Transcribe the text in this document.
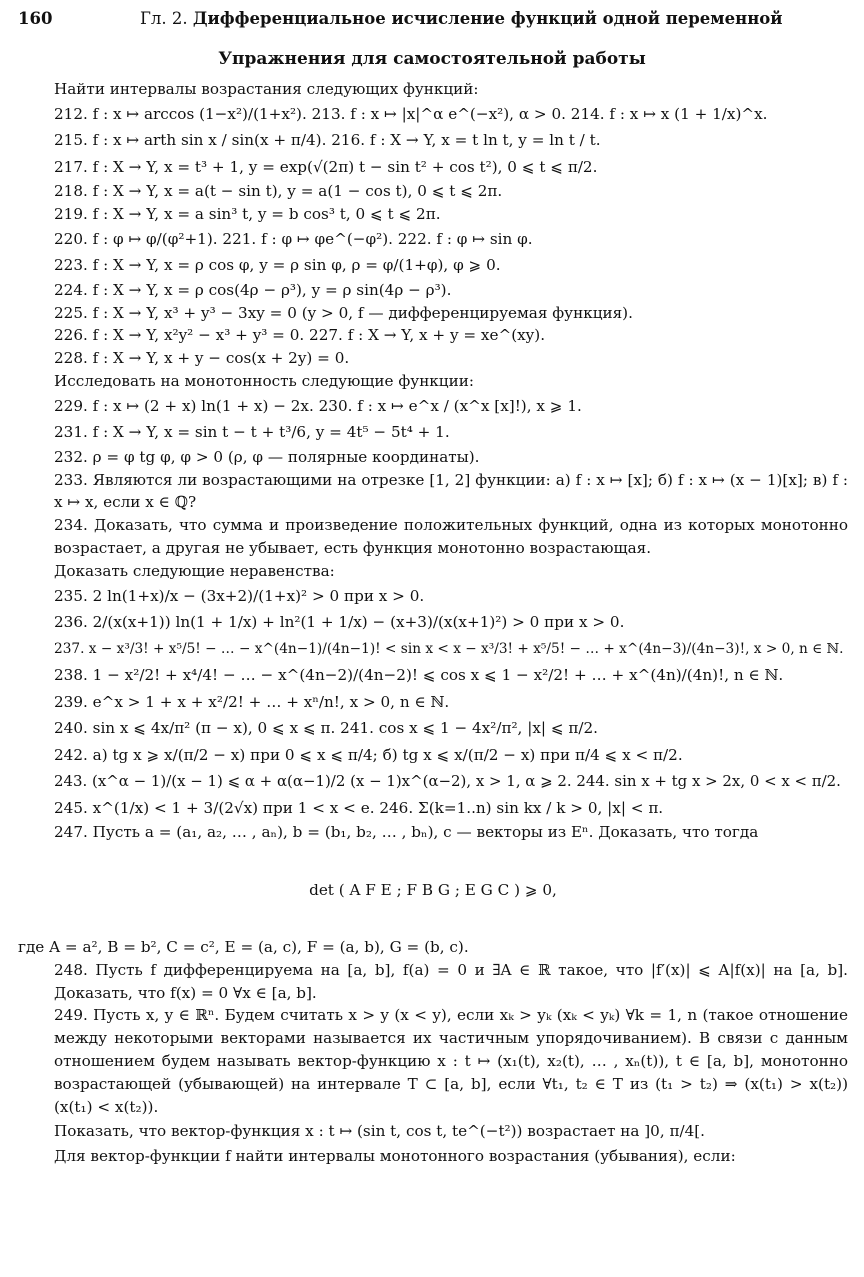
160	Гл. 2. Дифференциальное исчисление функций одной переменной
Упражнения для самостоятельной работы
Найти интервалы возрастания следующих функций:
212. f : x ↦ arccos (1−x²)/(1+x²). 213. f : x ↦ |x|^α e^(−x²), α > 0. 214. f : x ↦ x (1 + 1/x)^x.
215. f : x ↦ arth sin x / sin(x + π/4). 216. f : X → Y, x = t ln t, y = ln t / t.
217. f : X → Y, x = t³ + 1, y = exp(√(2π) t − sin t² + cos t²), 0 ⩽ t ⩽ π/2.
218. f : X → Y, x = a(t − sin t), y = a(1 − cos t), 0 ⩽ t ⩽ 2π.
219. f : X → Y, x = a sin³ t, y = b cos³ t, 0 ⩽ t ⩽ 2π.
220. f : φ ↦ φ/(φ²+1). 221. f : φ ↦ φe^(−φ²). 222. f : φ ↦ sin φ.
223. f : X → Y, x = ρ cos φ, y = ρ sin φ, ρ = φ/(1+φ), φ ⩾ 0.
224. f : X → Y, x = ρ cos(4ρ − ρ³), y = ρ sin(4ρ − ρ³).
225. f : X → Y, x³ + y³ − 3xy = 0 (y > 0, f — дифференцируемая функция).
226. f : X → Y, x²y² − x³ + y³ = 0. 227. f : X → Y, x + y = xe^(xy).
228. f : X → Y, x + y − cos(x + 2y) = 0.
Исследовать на монотонность следующие функции:
229. f : x ↦ (2 + x) ln(1 + x) − 2x. 230. f : x ↦ e^x / (x^x [x]!), x ⩾ 1.
231. f : X → Y, x = sin t − t + t³/6, y = 4t⁵ − 5t⁴ + 1.
232. ρ = φ tg φ, φ > 0 (ρ, φ — полярные координаты).
233. Являются ли возрастающими на отрезке [1, 2] функции: а) f : x ↦ [x]; б) f : x ↦ (x − 1)[x]; в) f : x ↦ x, если x ∈ ℚ?
234. Доказать, что сумма и произведение положительных функций, одна из которых монотонно возрастает, а другая не убывает, есть функция монотонно возрастающая.
Доказать следующие неравенства:
235. 2 ln(1+x)/x − (3x+2)/(1+x)² > 0 при x > 0.
236. 2/(x(x+1)) ln(1 + 1/x) + ln²(1 + 1/x) − (x+3)/(x(x+1)²) > 0 при x > 0.
237. x − x³/3! + x⁵/5! − … − x^(4n−1)/(4n−1)! < sin x < x − x³/3! + x⁵/5! − … + x^(4n−3)/(4n−3)!, x > 0, n ∈ ℕ.
238. 1 − x²/2! + x⁴/4! − … − x^(4n−2)/(4n−2)! ⩽ cos x ⩽ 1 − x²/2! + … + x^(4n)/(4n)!, n ∈ ℕ.
239. e^x > 1 + x + x²/2! + … + xⁿ/n!, x > 0, n ∈ ℕ.
240. sin x ⩽ 4x/π² (π − x), 0 ⩽ x ⩽ π. 241. cos x ⩽ 1 − 4x²/π², |x| ⩽ π/2.
242. а) tg x ⩾ x/(π/2 − x) при 0 ⩽ x ⩽ π/4; б) tg x ⩽ x/(π/2 − x) при π/4 ⩽ x < π/2.
243. (x^α − 1)/(x − 1) ⩽ α + α(α−1)/2 (x − 1)x^(α−2), x > 1, α ⩾ 2. 244. sin x + tg x > 2x, 0 < x < π/2.
245. x^(1/x) < 1 + 3/(2√x) при 1 < x < e. 246. Σ(k=1..n) sin kx / k > 0, |x| < π.
247. Пусть a = (a₁, a₂, … , aₙ), b = (b₁, b₂, … , bₙ), c — векторы из Eⁿ. Доказать, что тогда
det ( A F E ; F B G ; E G C ) ⩾ 0,
где A = a², B = b², C = c², E = (a, c), F = (a, b), G = (b, c).
248. Пусть f дифференцируема на [a, b], f(a) = 0 и ∃A ∈ ℝ такое, что |f′(x)| ⩽ A|f(x)| на [a, b]. Доказать, что f(x) = 0 ∀x ∈ [a, b].
249. Пусть x, y ∈ ℝⁿ. Будем считать x > y (x < y), если xₖ > yₖ (xₖ < yₖ) ∀k = 1, n (такое отношение между некоторыми векторами называется их частичным упорядочиванием). В связи с данным отношением будем называть вектор-функцию x : t ↦ (x₁(t), x₂(t), … , xₙ(t)), t ∈ [a, b], монотонно возрастающей (убывающей) на интервале T ⊂ [a, b], если ∀t₁, t₂ ∈ T из (t₁ > t₂) ⇒ (x(t₁) > x(t₂)) (x(t₁) < x(t₂)).
Показать, что вектор-функция x : t ↦ (sin t, cos t, te^(−t²)) возрастает на ]0, π/4[.
Для вектор-функции f найти интервалы монотонного возрастания (убывания), если:
